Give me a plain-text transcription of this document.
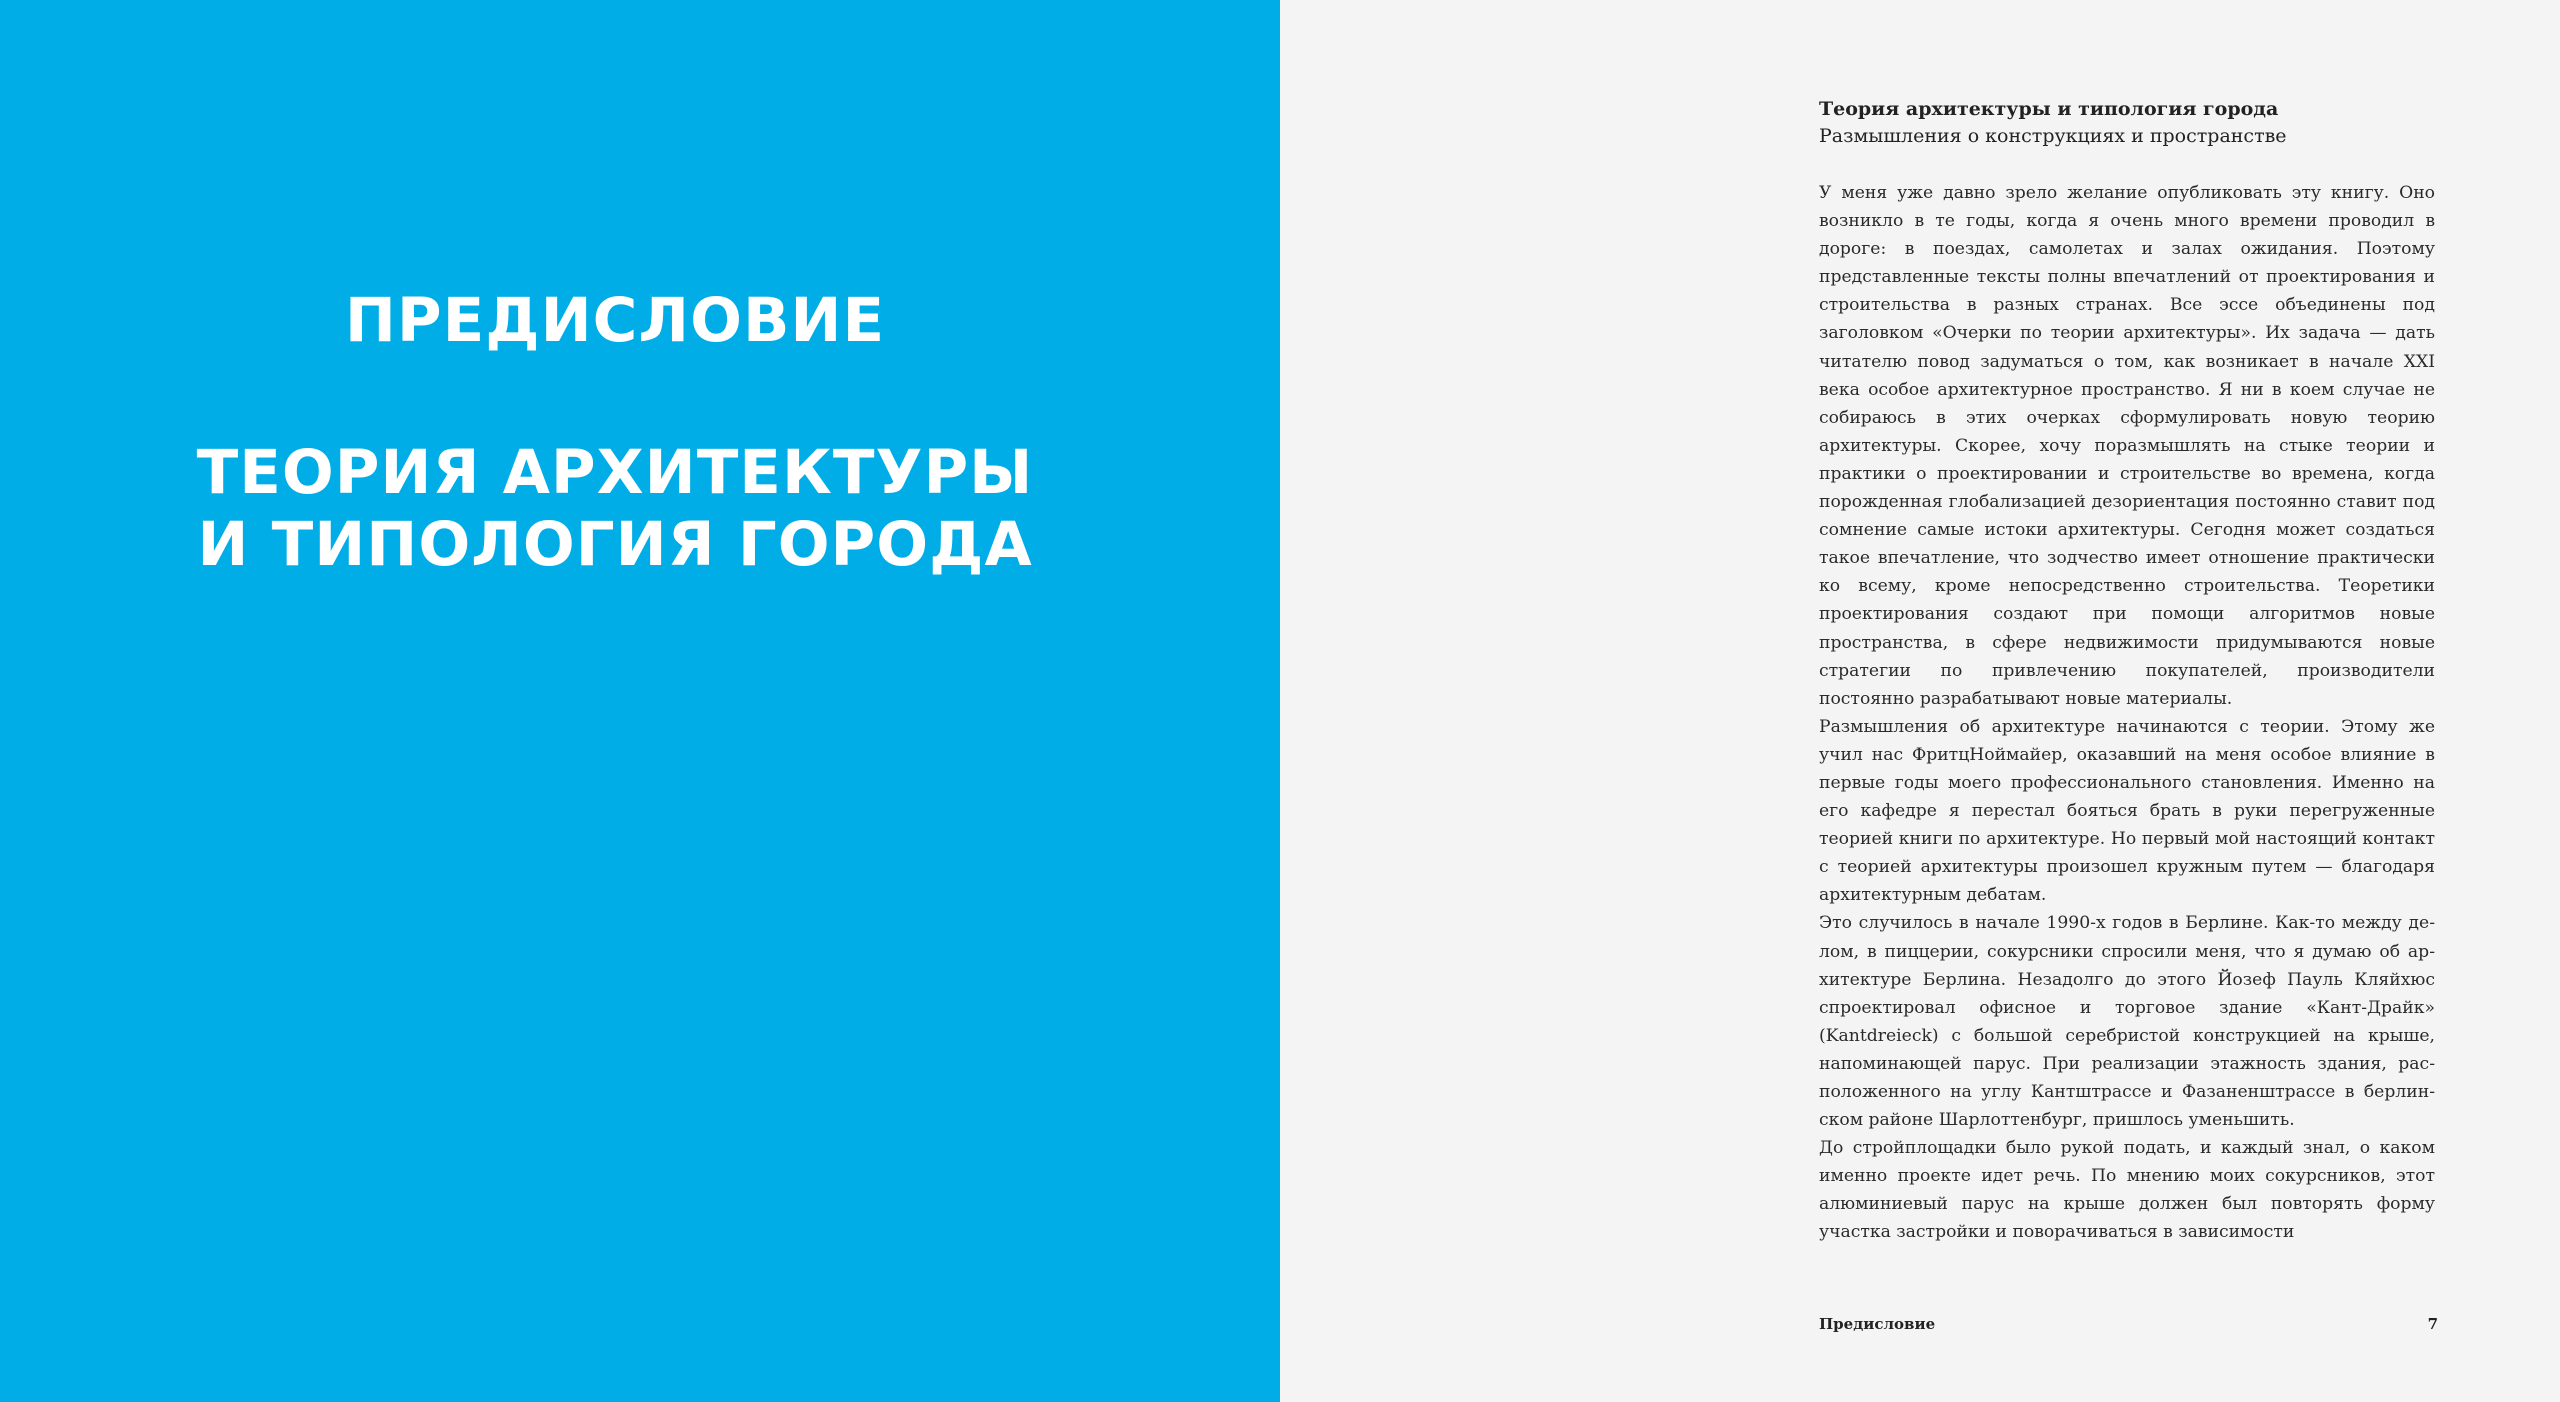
ПРЕДИСЛОВИЕ
ТЕОРИЯ АРХИТЕКТУРЫ
И ТИПОЛОГИЯ ГОРОДА
Теория архитектуры и типология города
Размышления о конструкциях и пространстве

У меня уже давно зрело желание опубликовать эту книгу. Оно возникло в те годы, когда я очень много времени проводил в дороге: в поездах, самолетах и залах ожидания. Поэтому представленные тексты полны впечатлений от проектирования и строительства в разных странах. Все эссе объединены под заголовком «Очерки по теории архитектуры». Их задача — дать читателю повод задуматься о том, как возникает в начале XXI века особое архитектурное пространство. Я ни в коем случае не собираюсь в этих очерках сформулировать новую теорию архитектуры. Скорее, хочу поразмышлять на стыке теории и практики о проектировании и строительстве во времена, когда порожденная глобализацией дезориентация постоянно ставит под сомнение самые истоки архитектуры. Сегодня может создаться такое впечатление, что зодчество имеет отношение практически ко всему, кроме непосредственно строительства. Теоретики проектирования создают при помощи алгоритмов новые пространства, в сфере недвижимости придумываются новые стратегии по привлечению покупателей, производители постоянно разрабатывают новые материалы.

Размышления об архитектуре начинаются с теории. Этому же учил нас ФритцНоймайер, оказавший на меня особое влияние в первые годы моего профессионального становления. Именно на его кафедре я перестал бояться брать в руки перегруженные теорией книги по архитектуре. Но первый мой настоящий контакт с теорией архитектуры произошел кружным путем — благодаря архитектурным дебатам.

Это случилось в начале 1990-х годов в Берлине. Как-то между делом, в пиццерии, сокурсники спросили меня, что я думаю об архитектуре Берлина. Незадолго до этого Йозеф Пауль Кляйхюс спроектировал офисное и торговое здание «Кант-Драйк» (Kantdreieck) с большой серебристой конструкцией на крыше, напоминающей парус. При реализации этажность здания, расположенного на углу Кантштрассе и Фазаненштрассе в берлинском районе Шарлоттенбург, пришлось уменьшить.

До стройплощадки было рукой подать, и каждый знал, о каком именно проекте идет речь. По мнению моих сокурсников, этот алюминиевый парус на крыше должен был повторять форму участка застройки и поворачиваться в зависимости

Предисловие	7
